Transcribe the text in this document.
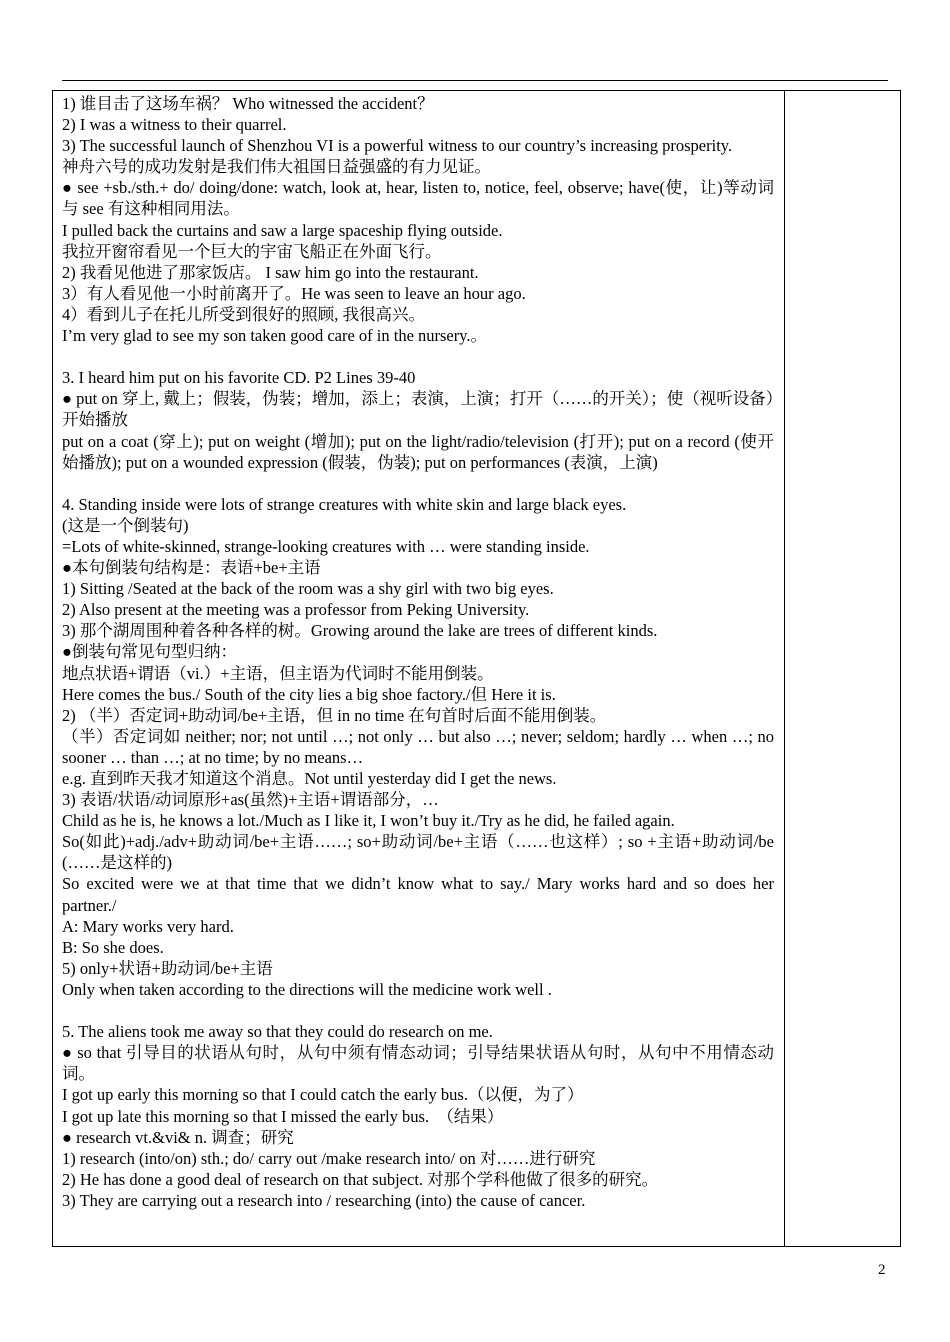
1) 谁目击了这场车祸？ Who witnessed the accident？
2) I was a witness to their quarrel.
3) The successful launch of Shenzhou VI is a powerful witness to our country’s increasing prosperity.
神舟六号的成功发射是我们伟大祖国日益强盛的有力见证。
● see +sb./sth.+ do/ doing/done: watch, look at, hear, listen to, notice, feel, observe; have(使，让)等动词与 see 有这种相同用法。
I pulled back the curtains and saw a large spaceship flying outside.
我拉开窗帘看见一个巨大的宇宙飞船正在外面飞行。
2) 我看见他进了那家饭店。 I saw him go into the restaurant.
3）有人看见他一小时前离开了。He was seen to leave an hour ago.
4）看到儿子在托儿所受到很好的照顾, 我很高兴。
I’m very glad to see my son taken good care of in the nursery.。
3. I heard him put on his favorite CD. P2 Lines 39-40
● put on 穿上, 戴上；假装，伪装；增加，添上；表演，上演；打开（……的开关）；使（视听设备）开始播放
put on a coat (穿上); put on weight (增加); put on the light/radio/television (打开); put on a record (使开始播放); put on a wounded expression (假装，伪装); put on performances (表演，上演)
4. Standing inside were lots of strange creatures with white skin and large black eyes.
(这是一个倒装句)
=Lots of white-skinned, strange-looking creatures with … were standing inside.
●本句倒装句结构是：表语+be+主语
1) Sitting /Seated at the back of the room was a shy girl with two big eyes.
2) Also present at the meeting was a professor from Peking University.
3) 那个湖周围种着各种各样的树。Growing around the lake are trees of different kinds.
●倒装句常见句型归纳：
地点状语+谓语（vi.）+主语，但主语为代词时不能用倒装。
Here comes the bus./ South of the city lies a big shoe factory./但 Here it is.
2) （半）否定词+助动词/be+主语，但 in no time 在句首时后面不能用倒装。
（半）否定词如 neither; nor; not until …; not only … but also …; never; seldom; hardly … when …; no sooner … than …; at no time; by no means…
e.g. 直到昨天我才知道这个消息。Not until yesterday did I get the news.
3) 表语/状语/动词原形+as(虽然)+主语+谓语部分，…
Child as he is, he knows a lot./Much as I like it, I won’t buy it./Try as he did, he failed again.
So(如此)+adj./adv+助动词/be+主语……; so+助动词/be+主语（……也这样）; so +主语+助动词/be (……是这样的)
So excited were we at that time that we didn’t know what to say./ Mary works hard and so does her partner./
A: Mary works very hard.
B: So she does.
5) only+状语+助动词/be+主语
Only when taken according to the directions will the medicine work well .
5. The aliens took me away so that they could do research on me.
● so that 引导目的状语从句时，从句中须有情态动词；引导结果状语从句时，从句中不用情态动词。
I got up early this morning so that I could catch the early bus.（以便，为了）
I got up late this morning so that I missed the early bus.　（结果）
● research vt.&vi& n. 调查；研究
1) research (into/on) sth.; do/ carry out /make research into/ on 对……进行研究
2) He has done a good deal of research on that subject. 对那个学科他做了很多的研究。
3) They are carrying out a research into / researching (into) the cause of cancer.
2
